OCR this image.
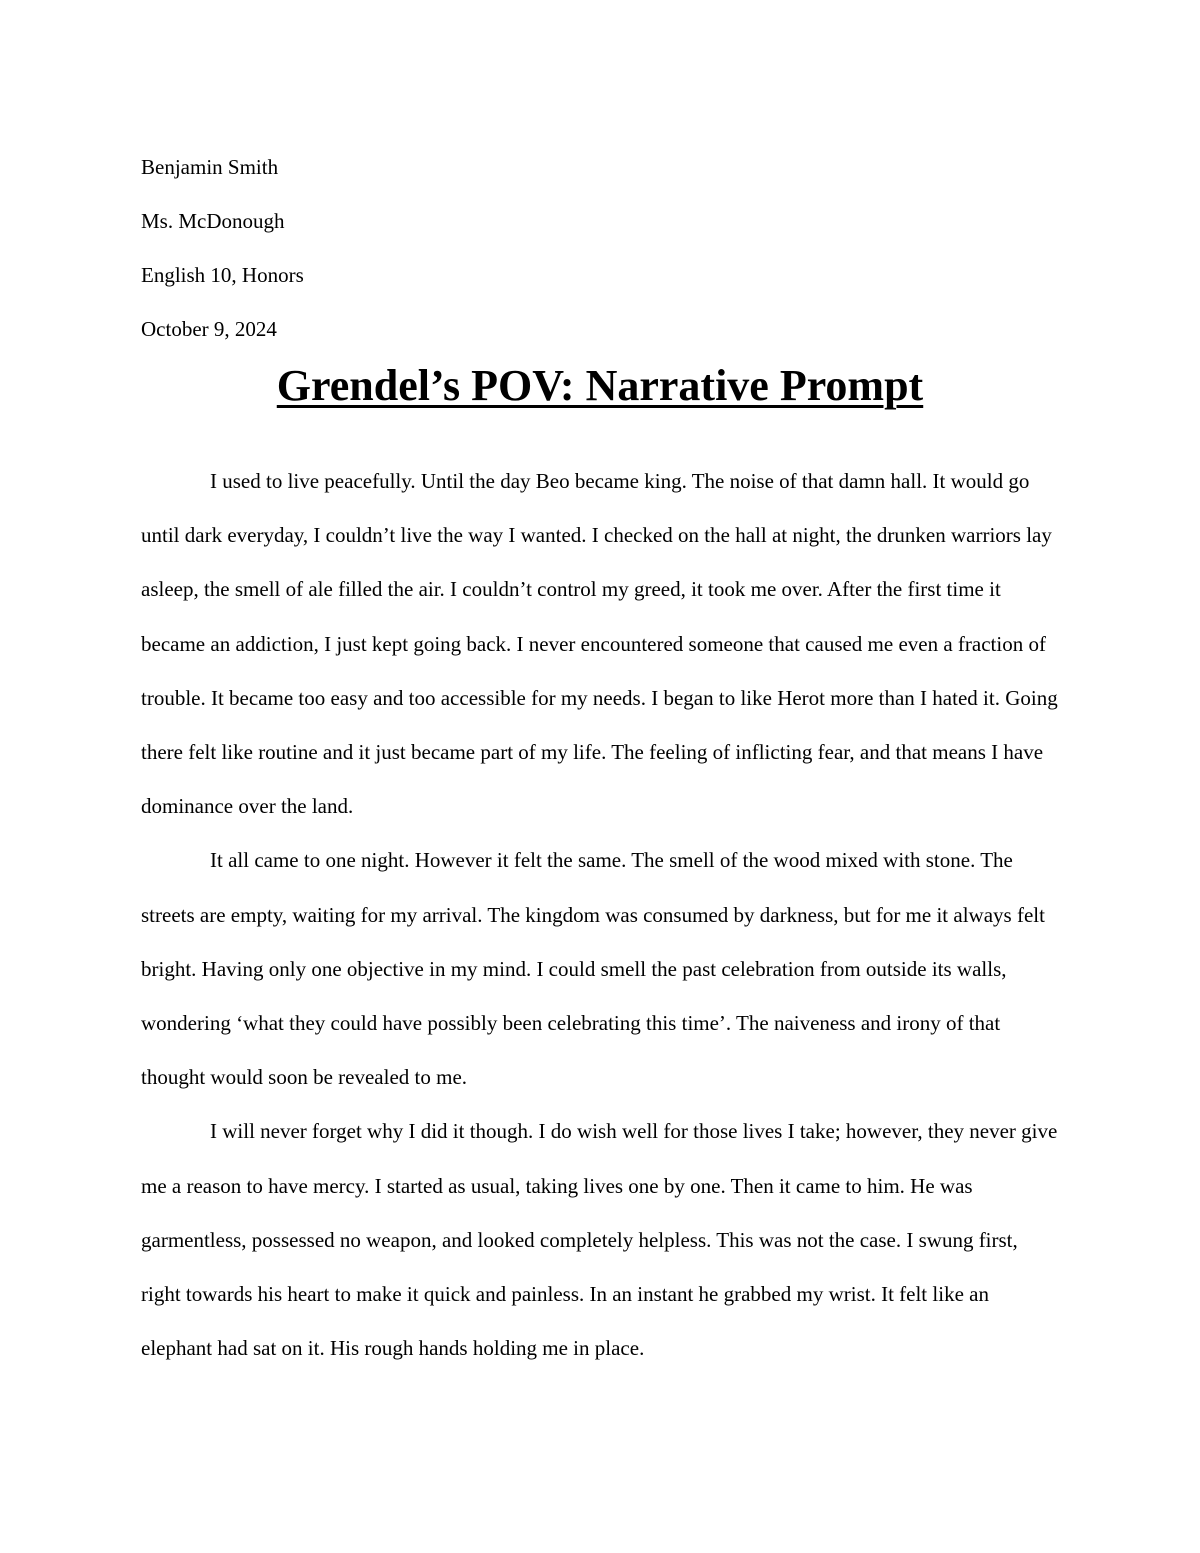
Benjamin Smith

Ms. McDonough

English 10, Honors

October 9, 2024

Grendel’s POV: Narrative Prompt

I used to live peacefully. Until the day Beo became king. The noise of that damn hall. It would go until dark everyday, I couldn’t live the way I wanted. I checked on the hall at night, the drunken warriors lay asleep, the smell of ale filled the air. I couldn’t control my greed, it took me over. After the first time it became an addiction, I just kept going back. I never encountered someone that caused me even a fraction of trouble. It became too easy and too accessible for my needs. I began to like Herot more than I hated it. Going there felt like routine and it just became part of my life. The feeling of inflicting fear, and that means I have dominance over the land.

It all came to one night. However it felt the same. The smell of the wood mixed with stone. The streets are empty, waiting for my arrival. The kingdom was consumed by darkness, but for me it always felt bright. Having only one objective in my mind. I could smell the past celebration from outside its walls, wondering ‘what they could have possibly been celebrating this time’. The naiveness and irony of that thought would soon be revealed to me.

I will never forget why I did it though. I do wish well for those lives I take; however, they never give me a reason to have mercy. I started as usual, taking lives one by one. Then it came to him. He was garmentless, possessed no weapon, and looked completely helpless. This was not the case. I swung first, right towards his heart to make it quick and painless. In an instant he grabbed my wrist. It felt like an elephant had sat on it. His rough hands holding me in place.
